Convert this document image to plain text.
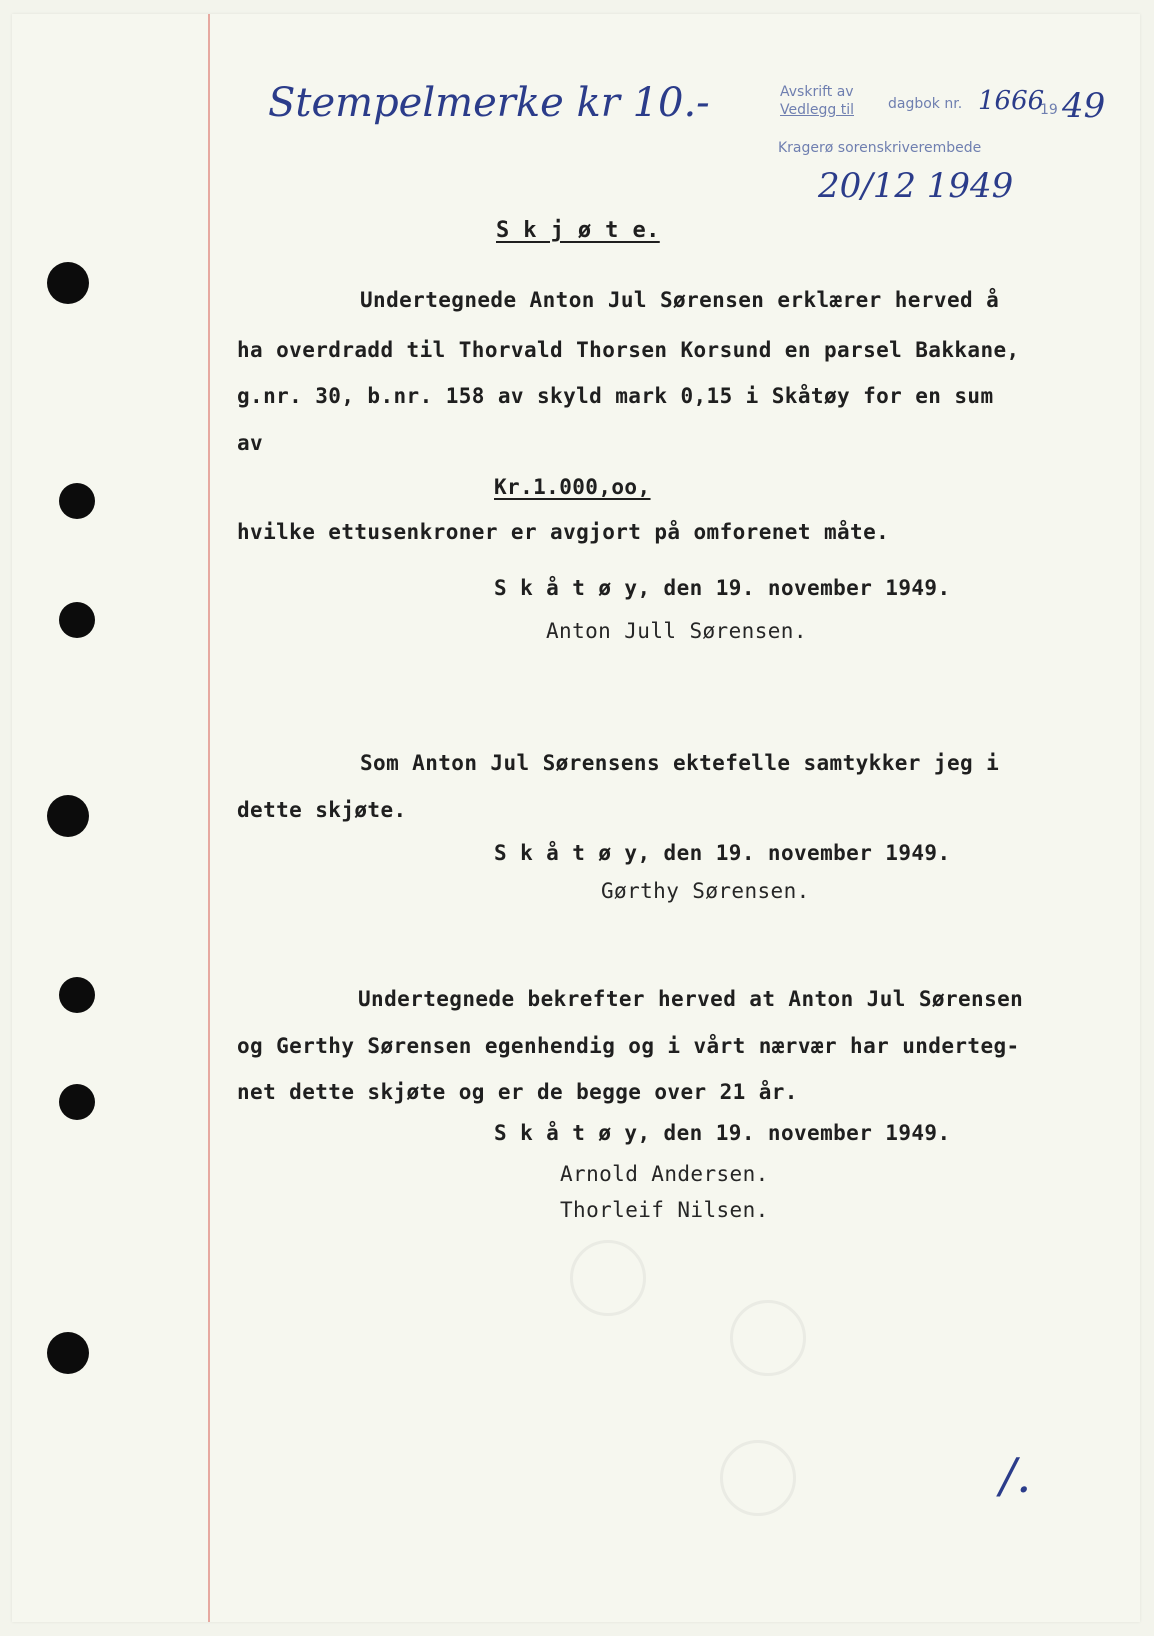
Stempelmerke kr 10.-	Avskrift av
Vedlegg til dagbok nr. 1666
19 49
Kragerø sorenskriverembede
20/12 1949
S k j ø t e.
Undertegnede Anton Jul Sørensen erklærer herved å
ha overdradd til Thorvald Thorsen Korsund en parsel Bakkane,
g.nr. 30, b.nr. 158 av skyld mark 0,15 i Skåtøy for en sum
av
Kr.1.000,oo,
hvilke ettusenkroner er avgjort på omforenet måte.
S k å t ø y, den 19. november 1949.
Anton Jull Sørensen.
Som Anton Jul Sørensens ektefelle samtykker jeg i
dette skjøte.
S k å t ø y, den 19. november 1949.
Gørthy Sørensen.
Undertegnede bekrefter herved at Anton Jul Sørensen
og Gerthy Sørensen egenhendig og i vårt nærvær har underteg-
net dette skjøte og er de begge over 21 år.
S k å t ø y, den 19. november 1949.
Arnold Andersen.
Thorleif Nilsen.
/.
